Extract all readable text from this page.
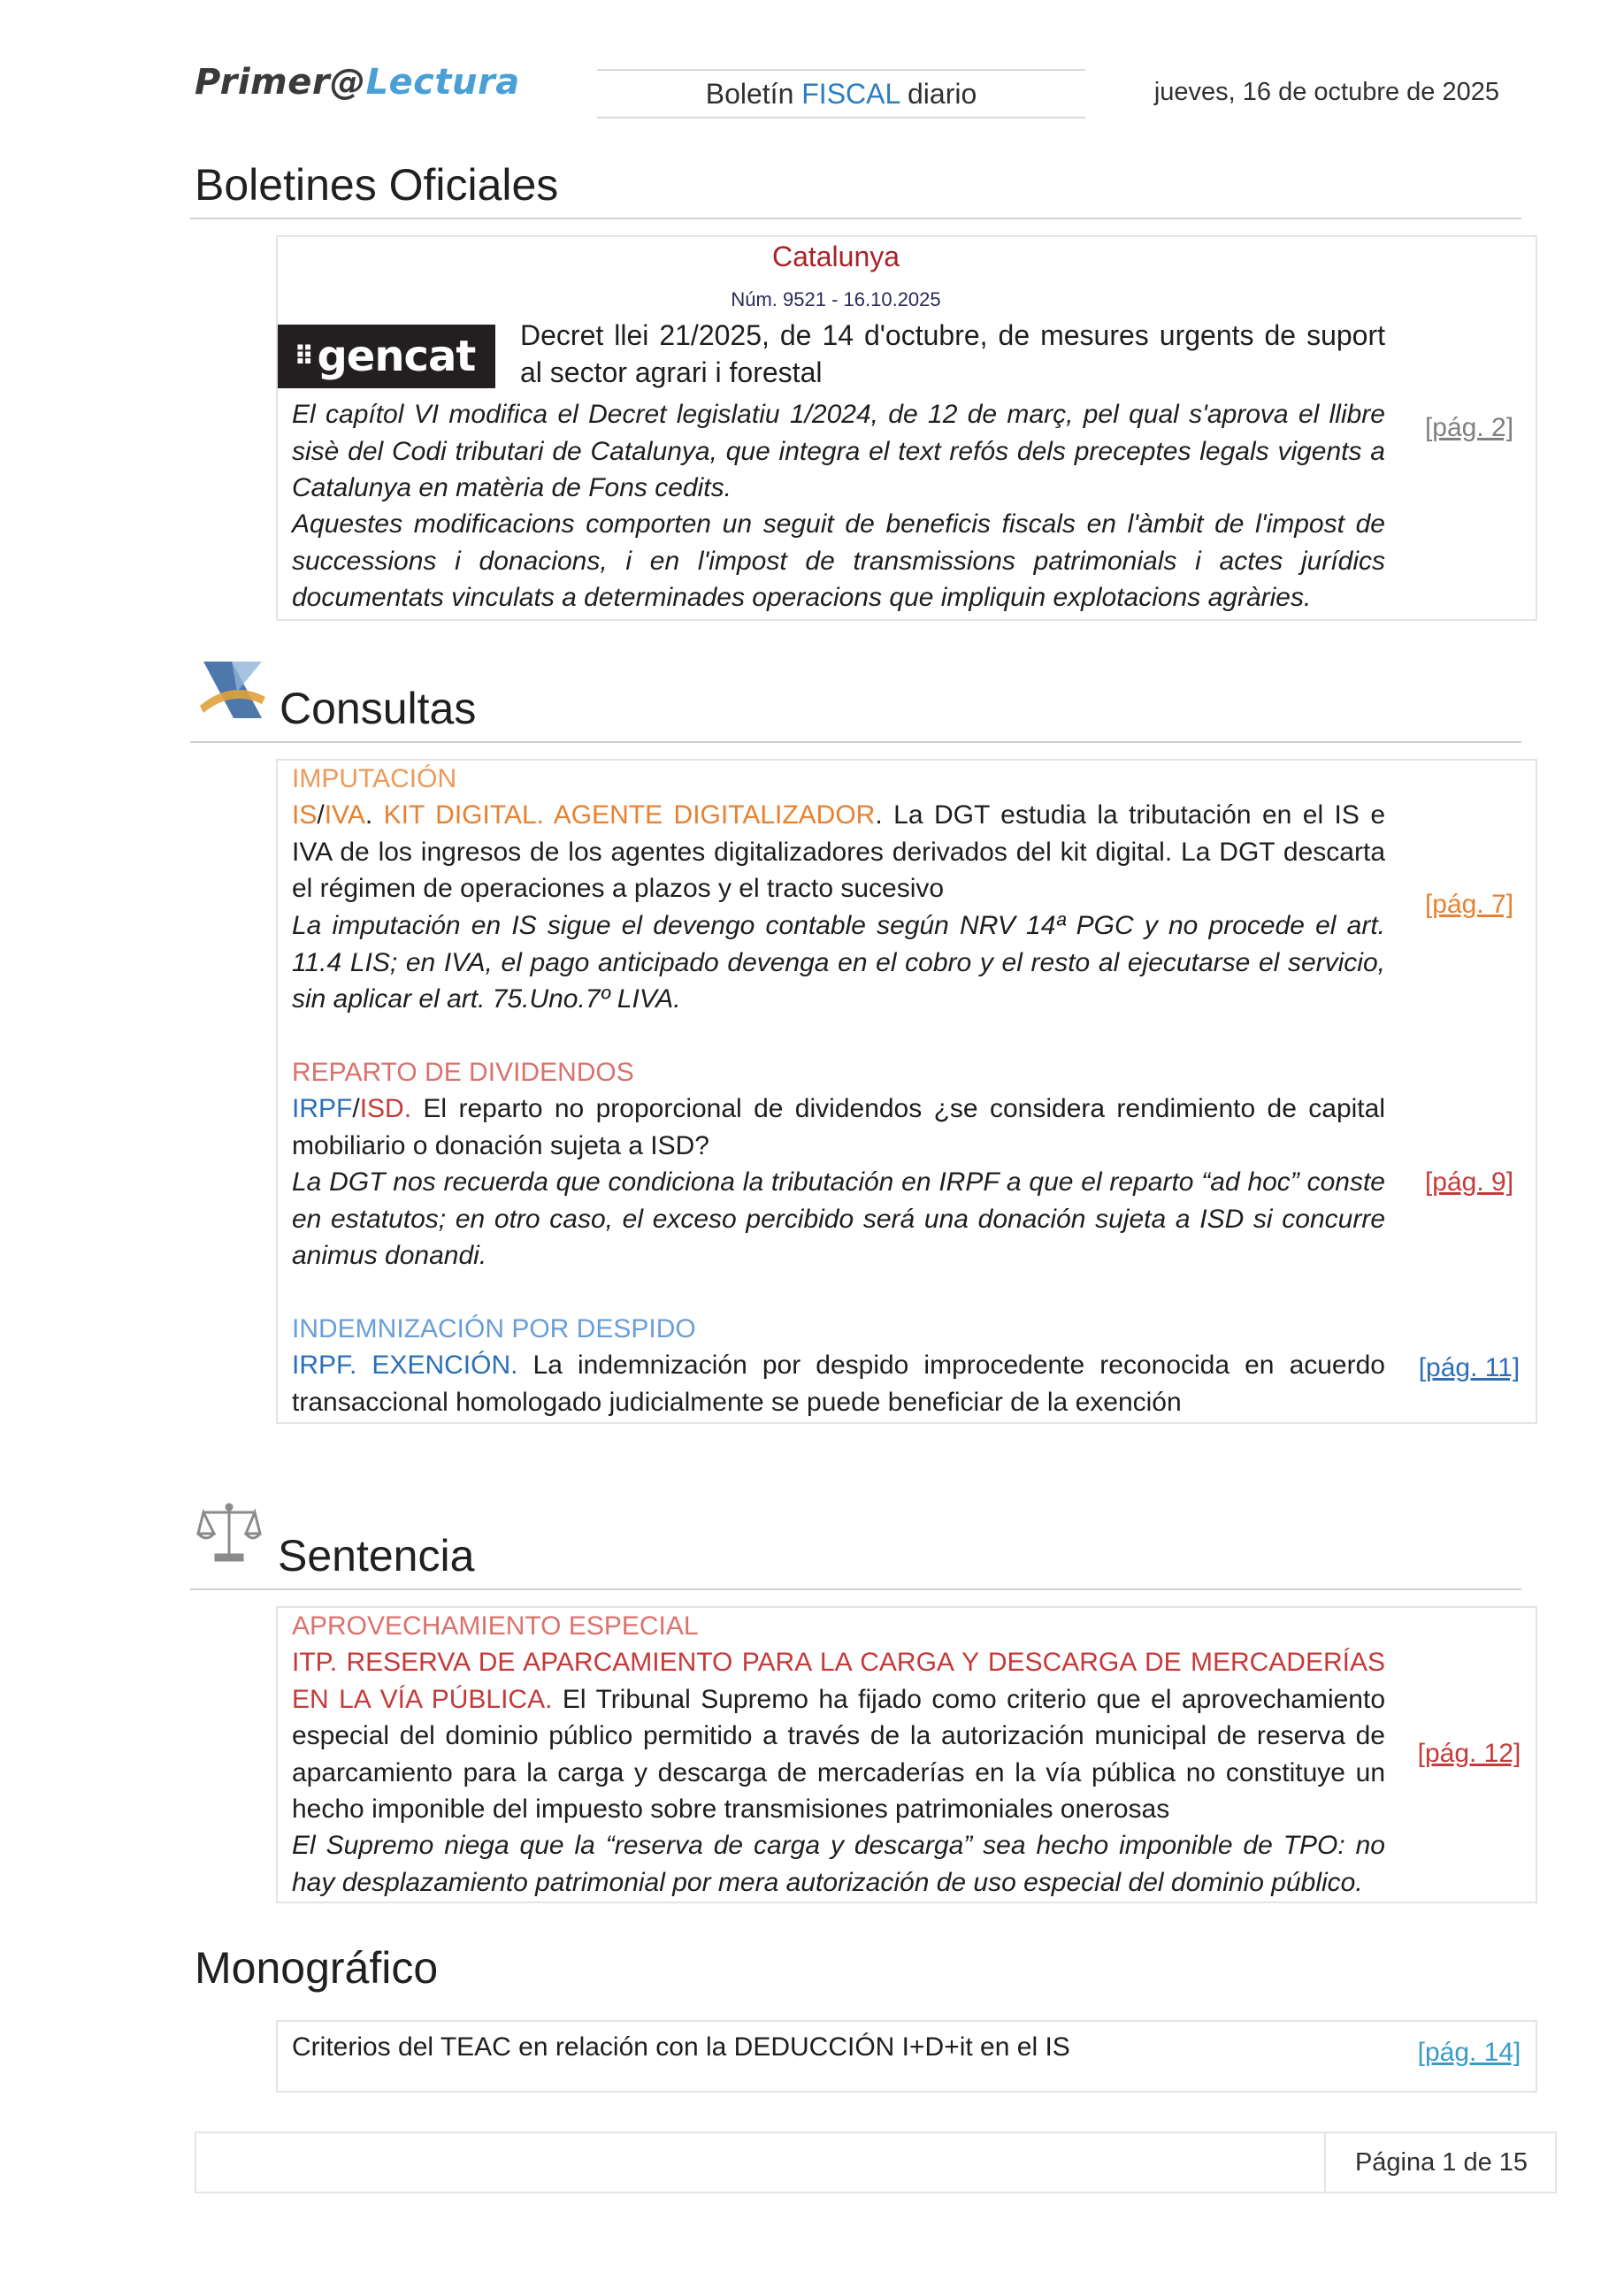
Primer@Lectura	Boletín FISCAL diario	jueves, 16 de octubre de 2025
Boletines Oficiales
Catalunya
Núm. 9521 - 16.10.2025
⠿ gencat	Decret llei 21/2025, de 14 d'octubre, de mesures urgents de suport al sector agrari i forestal
El capítol VI modifica el Decret legislatiu 1/2024, de 12 de març, pel qual s'aprova el llibre sisè del Codi tributari de Catalunya, que integra el text refós dels preceptes legals vigents a Catalunya en matèria de Fons cedits.
Aquestes modificacions comporten un seguit de beneficis fiscals en l'àmbit de l'impost de successions i donacions, i en l'impost de transmissions patrimonials i actes jurídics documentats vinculats a determinades operacions que impliquin explotacions agràries.
[pág. 2]
Consultas
IMPUTACIÓN
IS/IVA. KIT DIGITAL. AGENTE DIGITALIZADOR. La DGT estudia la tributación en el IS e IVA de los ingresos de los agentes digitalizadores derivados del kit digital. La DGT descarta el régimen de operaciones a plazos y el tracto sucesivo
La imputación en IS sigue el devengo contable según NRV 14ª PGC y no procede el art. 11.4 LIS; en IVA, el pago anticipado devenga en el cobro y el resto al ejecutarse el servicio, sin aplicar el art. 75.Uno.7º LIVA.
[pág. 7]
REPARTO DE DIVIDENDOS
IRPF/ISD. El reparto no proporcional de dividendos ¿se considera rendimiento de capital mobiliario o donación sujeta a ISD?
La DGT nos recuerda que condiciona la tributación en IRPF a que el reparto “ad hoc” conste en estatutos; en otro caso, el exceso percibido será una donación sujeta a ISD si concurre animus donandi.
[pág. 9]
INDEMNIZACIÓN POR DESPIDO
IRPF. EXENCIÓN. La indemnización por despido improcedente reconocida en acuerdo transaccional homologado judicialmente se puede beneficiar de la exención
[pág. 11]
Sentencia
APROVECHAMIENTO ESPECIAL
ITP. RESERVA DE APARCAMIENTO PARA LA CARGA Y DESCARGA DE MERCADERÍAS EN LA VÍA PÚBLICA. El Tribunal Supremo ha fijado como criterio que el aprovechamiento especial del dominio público permitido a través de la autorización municipal de reserva de aparcamiento para la carga y descarga de mercaderías en la vía pública no constituye un hecho imponible del impuesto sobre transmisiones patrimoniales onerosas
El Supremo niega que la “reserva de carga y descarga” sea hecho imponible de TPO: no hay desplazamiento patrimonial por mera autorización de uso especial del dominio público.
[pág. 12]
Monográfico
Criterios del TEAC en relación con la DEDUCCIÓN I+D+it en el IS	[pág. 14]
Página 1 de 15
